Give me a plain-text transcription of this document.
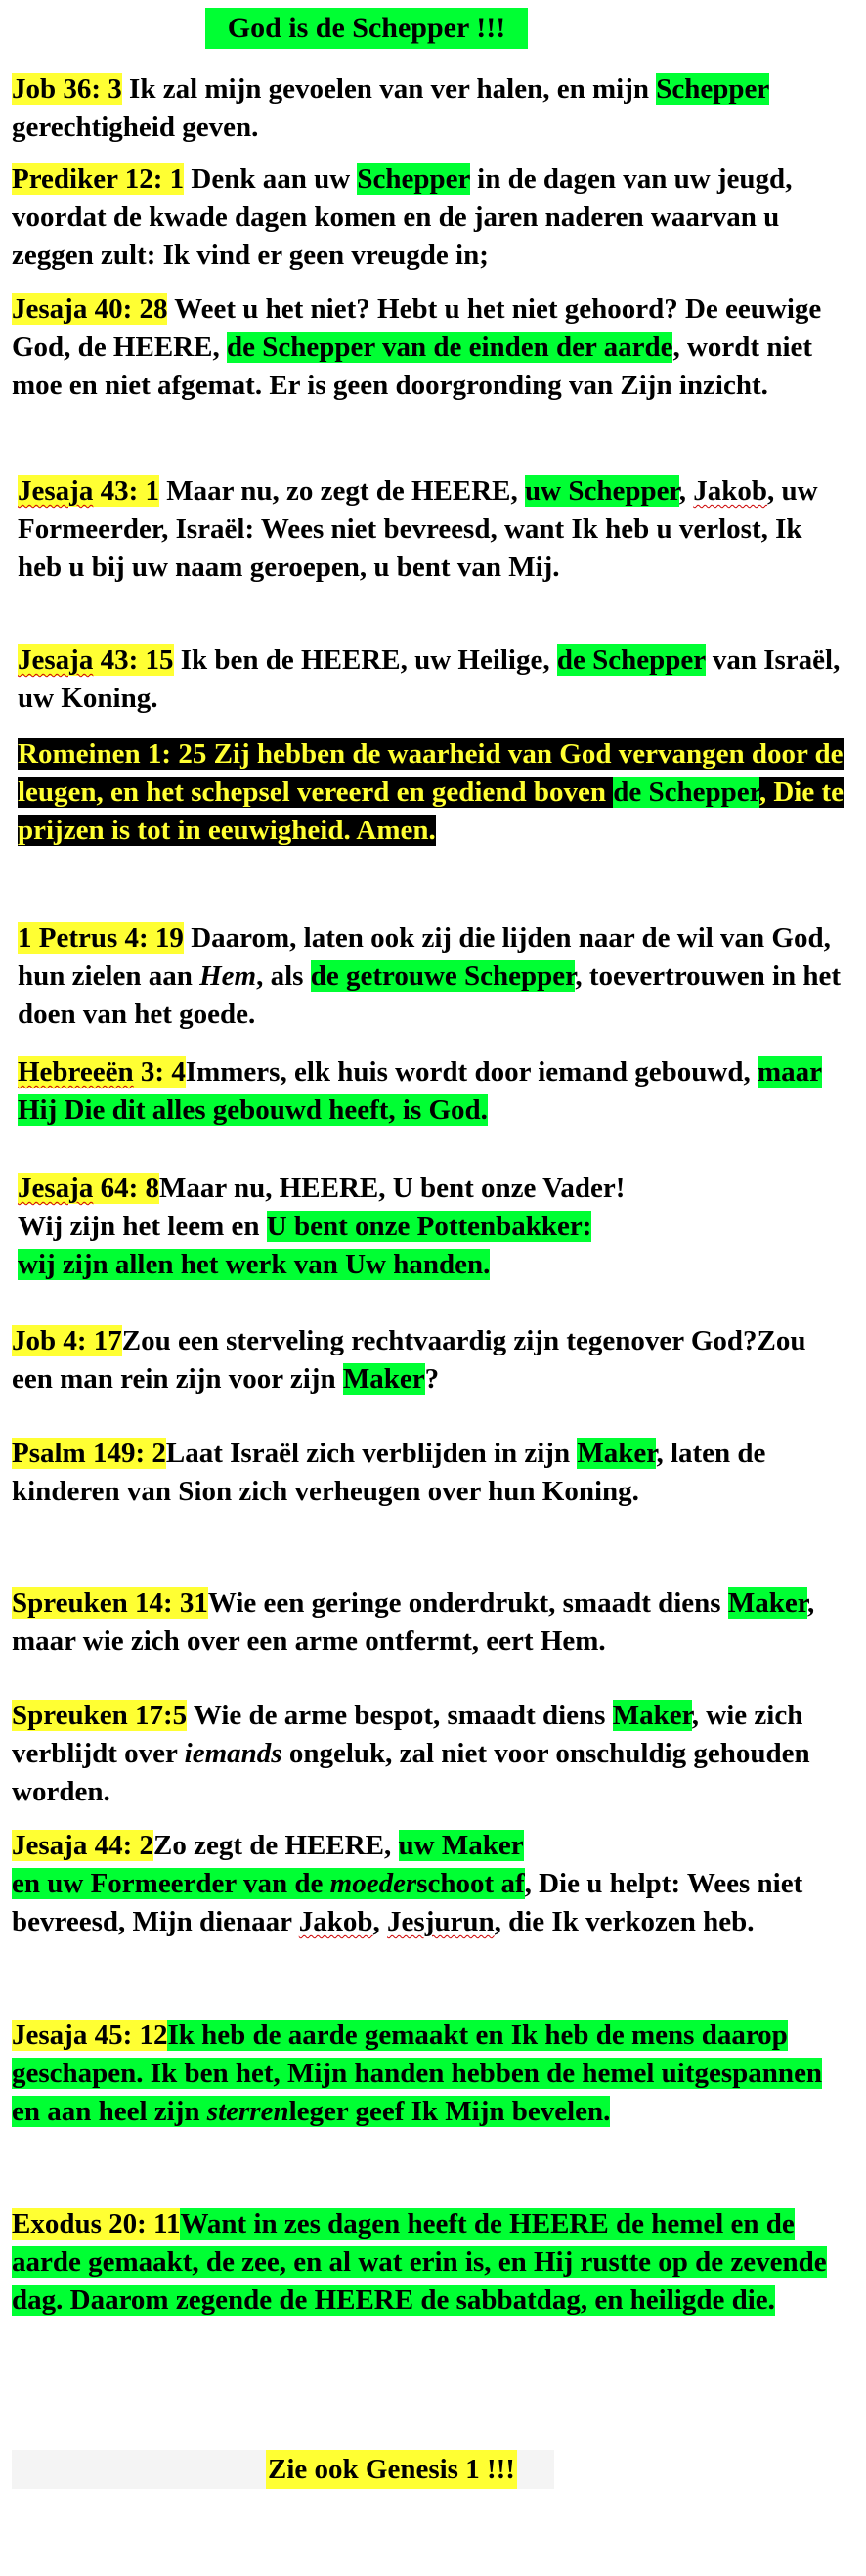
God is de Schepper !!!
Job 36: 3 Ik zal mijn gevoelen van ver halen, en mijn Schepper gerechtigheid geven.
Prediker 12: 1 Denk aan uw Schepper in de dagen van uw jeugd, voordat de kwade dagen komen en de jaren naderen waarvan u zeggen zult: Ik vind er geen vreugde in;
Jesaja 40: 28 Weet u het niet? Hebt u het niet gehoord? De eeuwige God, de HEERE, de Schepper van de einden der aarde, wordt niet moe en niet afgemat. Er is geen doorgronding van Zijn inzicht.
Jesaja 43: 1 Maar nu, zo zegt de HEERE, uw Schepper, Jakob, uw Formeerder, Israël: Wees niet bevreesd, want Ik heb u verlost, Ik heb u bij uw naam geroepen, u bent van Mij.
Jesaja 43: 15 Ik ben de HEERE, uw Heilige, de Schepper van Israël, uw Koning.
Romeinen 1: 25 Zij hebben de waarheid van God vervangen door de leugen, en het schepsel vereerd en gediend boven de Schepper, Die te prijzen is tot in eeuwigheid. Amen.
1 Petrus 4: 19 Daarom, laten ook zij die lijden naar de wil van God, hun zielen aan Hem, als de getrouwe Schepper, toevertrouwen in het doen van het goede.
Hebreeën 3: 4Immers, elk huis wordt door iemand gebouwd, maar Hij Die dit alles gebouwd heeft, is God.
Jesaja 64: 8Maar nu, HEERE, U bent onze Vader!
Wij zijn het leem en U bent onze Pottenbakker:
wij zijn allen het werk van Uw handen.
Job 4: 17Zou een sterveling rechtvaardig zijn tegenover God?Zou een man rein zijn voor zijn Maker?
Psalm 149: 2Laat Israël zich verblijden in zijn Maker, laten de kinderen van Sion zich verheugen over hun Koning.
Spreuken 14: 31Wie een geringe onderdrukt, smaadt diens Maker, maar wie zich over een arme ontfermt, eert Hem.
Spreuken 17:5 Wie de arme bespot, smaadt diens Maker, wie zich verblijdt over iemands ongeluk, zal niet voor onschuldig gehouden worden.
Jesaja 44: 2Zo zegt de HEERE, uw Maker
en uw Formeerder van de moederschoot af, Die u helpt: Wees niet bevreesd, Mijn dienaar Jakob, Jesjurun, die Ik verkozen heb.
Jesaja 45: 12Ik heb de aarde gemaakt en Ik heb de mens daarop geschapen. Ik ben het, Mijn handen hebben de hemel uitgespannen en aan heel zijn sterrenleger geef Ik Mijn bevelen.
Exodus 20: 11Want in zes dagen heeft de HEERE de hemel en de aarde gemaakt, de zee, en al wat erin is, en Hij rustte op de zevende dag. Daarom zegende de HEERE de sabbatdag, en heiligde die.
Zie ook Genesis 1 !!!
